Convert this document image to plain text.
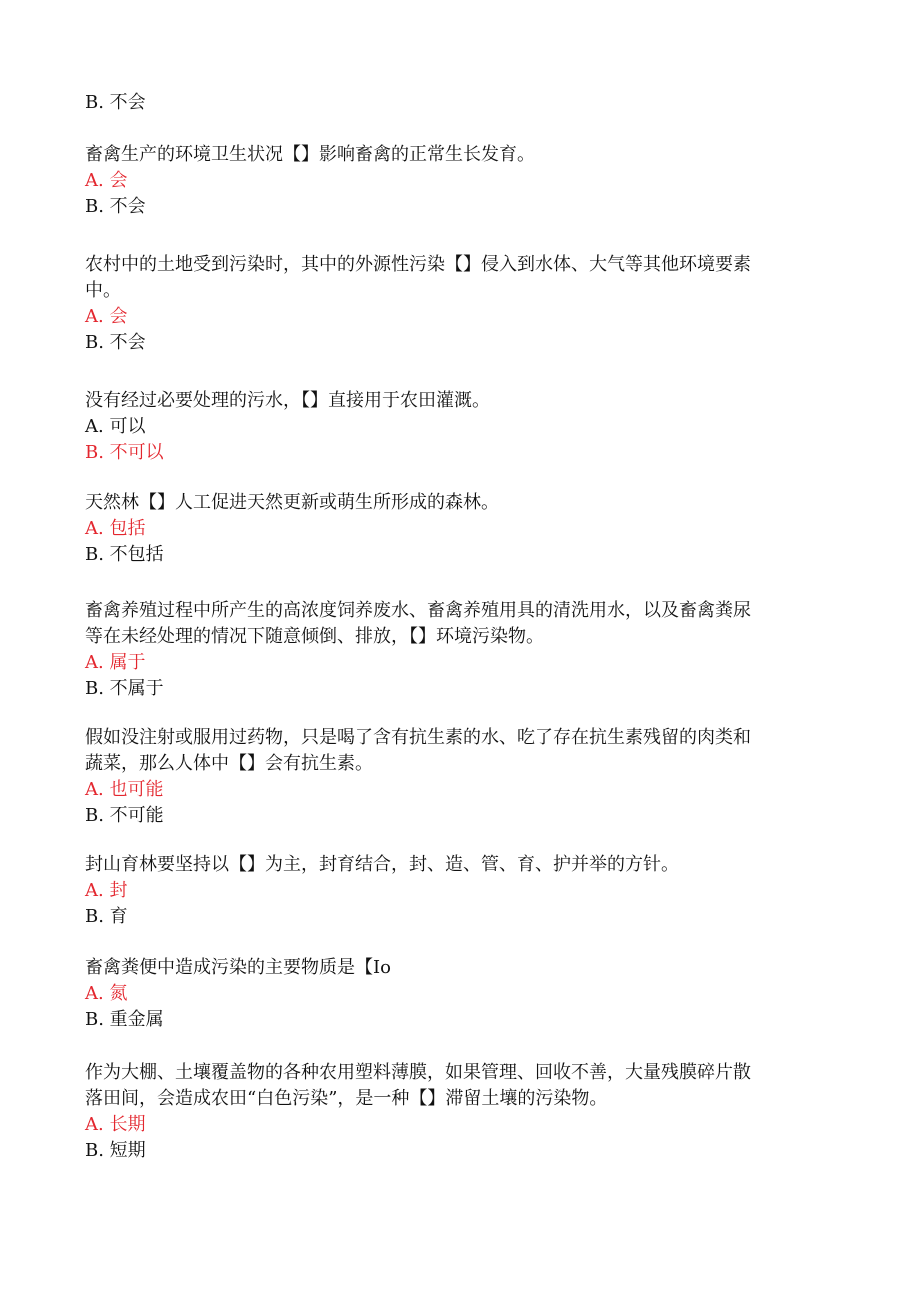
B. 不会
畜禽生产的环境卫生状况【】影响畜禽的正常生长发育。
A. 会
B. 不会
农村中的土地受到污染时，其中的外源性污染【】侵入到水体、大气等其他环境要素
中。
A. 会
B. 不会
没有经过必要处理的污水，【】直接用于农田灌溉。
A. 可以
B. 不可以
天然林【】人工促进天然更新或萌生所形成的森林。
A. 包括
B. 不包括
畜禽养殖过程中所产生的高浓度饲养废水、畜禽养殖用具的清洗用水，以及畜禽粪尿
等在未经处理的情况下随意倾倒、排放，【】环境污染物。
A. 属于
B. 不属于
假如没注射或服用过药物，只是喝了含有抗生素的水、吃了存在抗生素残留的肉类和
蔬菜，那么人体中【】会有抗生素。
A. 也可能
B. 不可能
封山育林要坚持以【】为主，封育结合，封、造、管、育、护并举的方针。
A. 封
B. 育
畜禽粪便中造成污染的主要物质是【Io
A. 氮
B. 重金属
作为大棚、土壤覆盖物的各种农用塑料薄膜，如果管理、回收不善，大量残膜碎片散
落田间，会造成农田“白色污染”，是一种【】滞留土壤的污染物。
A. 长期
B. 短期
